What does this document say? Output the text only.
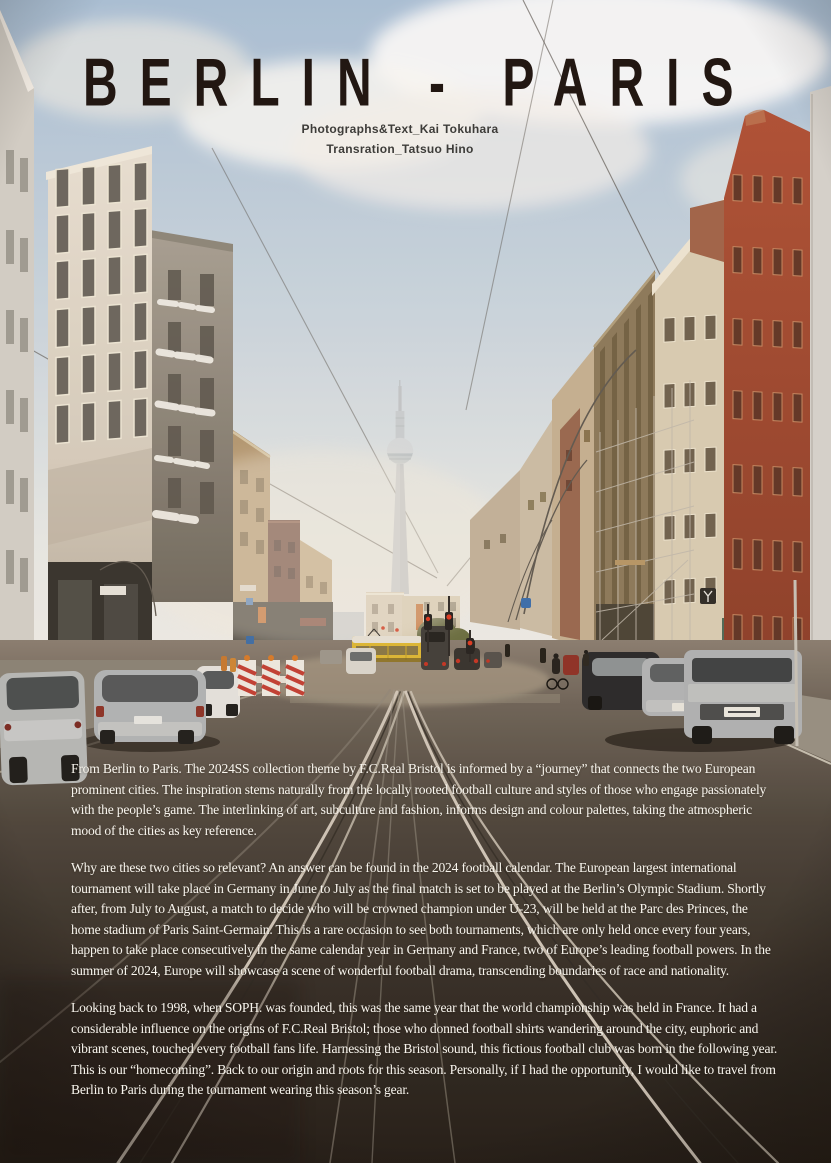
BERLIN - PARIS
Photographs&Text_Kai Tokuhara
Transration_Tatsuo Hino

From Berlin to Paris. The 2024SS collection theme by F.C.Real Bristol is informed by a “journey” that connects the two European prominent cities. The inspiration stems naturally from the locally rooted football culture and styles of those who engage passionately with the people’s game. The interlinking of art, subculture and fashion, informs design and colour palettes, taking the atmospheric mood of the cities as key reference.

Why are these two cities so relevant? An answer can be found in the 2024 football calendar. The European largest international tournament will take place in Germany in June to July as the final match is set to be played at the Berlin’s Olympic Stadium. Shortly after, from July to August, a match to decide who will be crowned champion under U-23, will be held at the Parc des Princes, the home stadium of Paris Saint-Germain. This is a rare occasion to see both tournaments, which are only held once every four years, happen to take place consecutively in the same calendar year in Germany and France, two of Europe’s leading football powers. In the summer of 2024, Europe will showcase a scene of wonderful football drama, transcending boundaries of race and nationality.

Looking back to 1998, when SOPH. was founded, this was the same year that the world championship was held in France. It had a considerable influence on the origins of F.C.Real Bristol; those who donned football shirts wandering around the city, euphoric and vibrant scenes, touched every football fans life. Harnessing the Bristol sound, this fictious football club was born in the following year. This is our “homecoming”. Back to our origin and roots for this season. Personally, if I had the opportunity, I would like to travel from Berlin to Paris during the tournament wearing this season’s gear.
